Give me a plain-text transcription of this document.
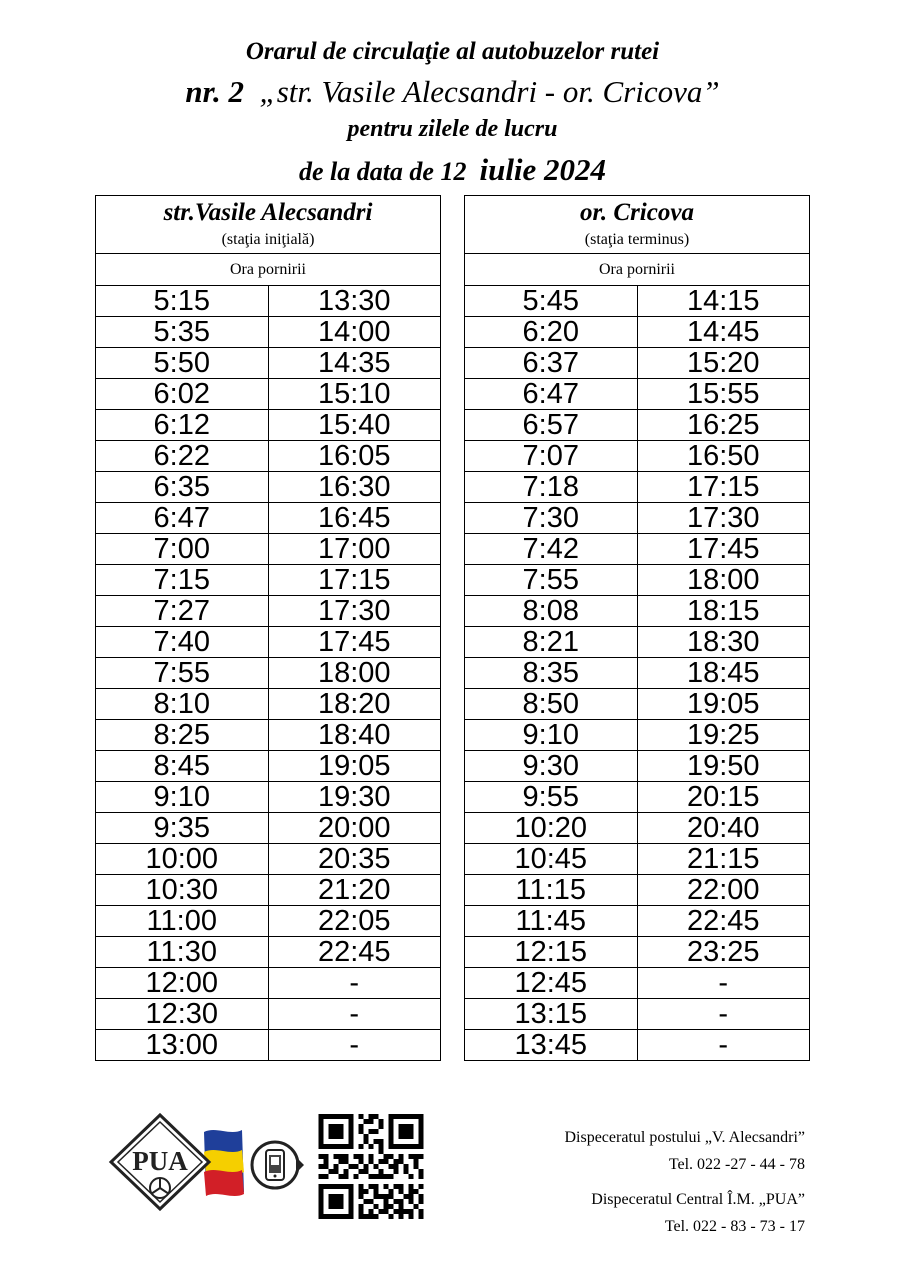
Orarul de circulaţie al autobuzelor rutei
nr. 2 „str. Vasile Alecsandri - or. Cricova”
pentru zilele de lucru
de la data de 12 iulie 2024
str.Vasile Alecsandri
(staţia iniţială)	

Ora pornirii	
5:15	13:30
5:35	14:00
5:50	14:35
6:02	15:10
6:12	15:40
6:22	16:05
6:35	16:30
6:47	16:45
7:00	17:00
7:15	17:15
7:27	17:30
7:40	17:45
7:55	18:00
8:10	18:20
8:25	18:40
8:45	19:05
9:10	19:30
9:35	20:00
10:00	20:35
10:30	21:20
11:00	22:05
11:30	22:45
12:00	-
12:30	-
13:00	-
or. Cricova
(staţia terminus)	

Ora pornirii	
5:45	14:15
6:20	14:45
6:37	15:20
6:47	15:55
6:57	16:25
7:07	16:50
7:18	17:15
7:30	17:30
7:42	17:45
7:55	18:00
8:08	18:15
8:21	18:30
8:35	18:45
8:50	19:05
9:10	19:25
9:30	19:50
9:55	20:15
10:20	20:40
10:45	21:15
11:15	22:00
11:45	22:45
12:15	23:25
12:45	-
13:15	-
13:45	-
PUA
Dispeceratul postului „V. Alecsandri”
Tel. 022 -27 - 44 - 78
Dispeceratul Central Î.M. „PUA”
Tel. 022 - 83 - 73 - 17
